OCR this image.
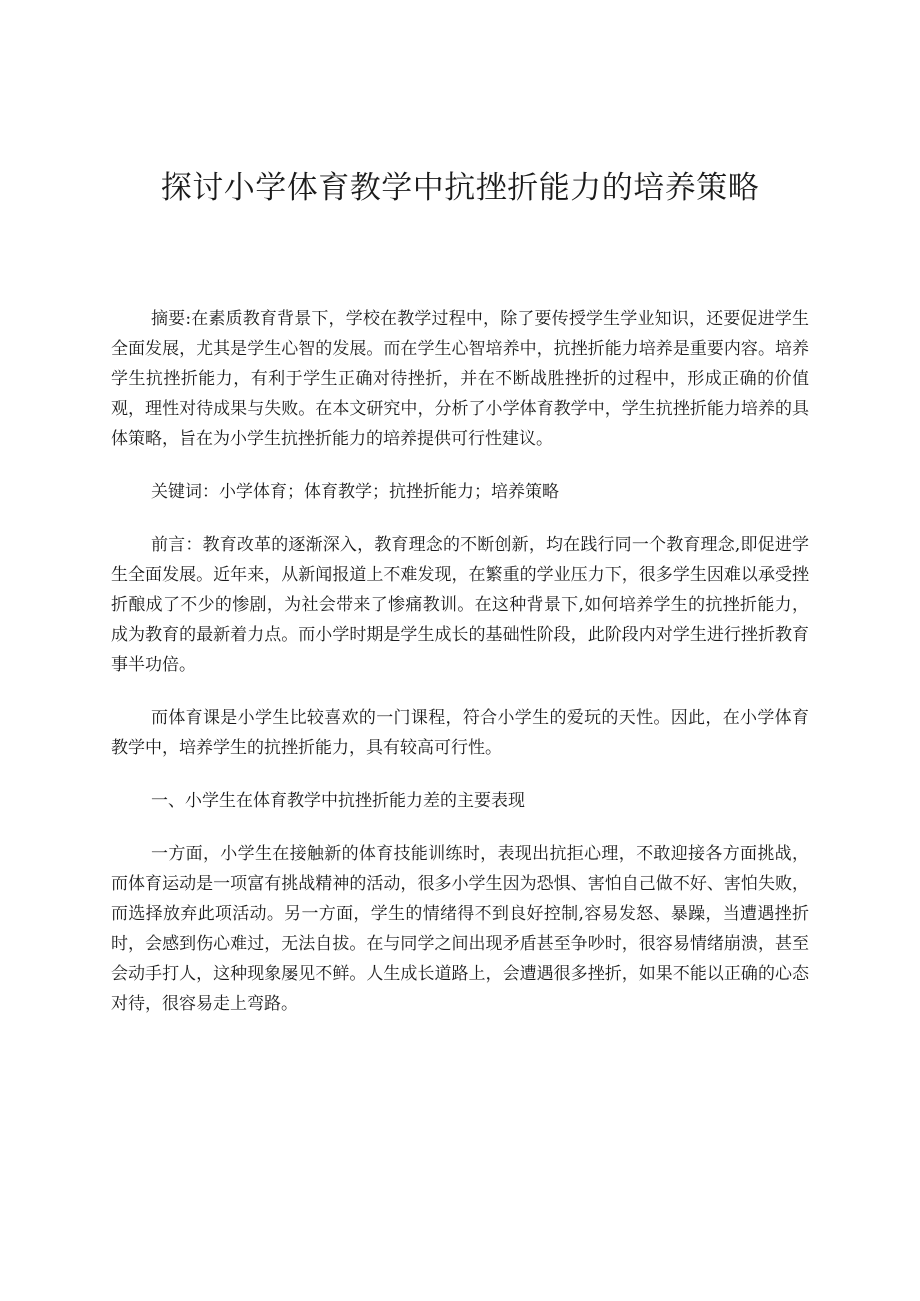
探讨小学体育教学中抗挫折能力的培养策略

摘要:在素质教育背景下，学校在教学过程中，除了要传授学生学业知识，还要促进学生全面发展，尤其是学生心智的发展。而在学生心智培养中，抗挫折能力培养是重要内容。培养学生抗挫折能力，有利于学生正确对待挫折，并在不断战胜挫折的过程中，形成正确的价值观，理性对待成果与失败。在本文研究中，分析了小学体育教学中，学生抗挫折能力培养的具体策略，旨在为小学生抗挫折能力的培养提供可行性建议。

关键词：小学体育；体育教学；抗挫折能力；培养策略

前言：教育改革的逐渐深入，教育理念的不断创新，均在践行同一个教育理念,即促进学生全面发展。近年来，从新闻报道上不难发现，在繁重的学业压力下，很多学生因难以承受挫折酿成了不少的惨剧，为社会带来了惨痛教训。在这种背景下,如何培养学生的抗挫折能力，成为教育的最新着力点。而小学时期是学生成长的基础性阶段，此阶段内对学生进行挫折教育事半功倍。

而体育课是小学生比较喜欢的一门课程，符合小学生的爱玩的天性。因此，在小学体育教学中，培养学生的抗挫折能力，具有较高可行性。

一、小学生在体育教学中抗挫折能力差的主要表现

一方面，小学生在接触新的体育技能训练时，表现出抗拒心理，不敢迎接各方面挑战，而体育运动是一项富有挑战精神的活动，很多小学生因为恐惧、害怕自己做不好、害怕失败，而选择放弃此项活动。另一方面，学生的情绪得不到良好控制,容易发怒、暴躁，当遭遇挫折时，会感到伤心难过，无法自拔。在与同学之间出现矛盾甚至争吵时，很容易情绪崩溃，甚至会动手打人，这种现象屡见不鲜。人生成长道路上，会遭遇很多挫折，如果不能以正确的心态对待，很容易走上弯路。
